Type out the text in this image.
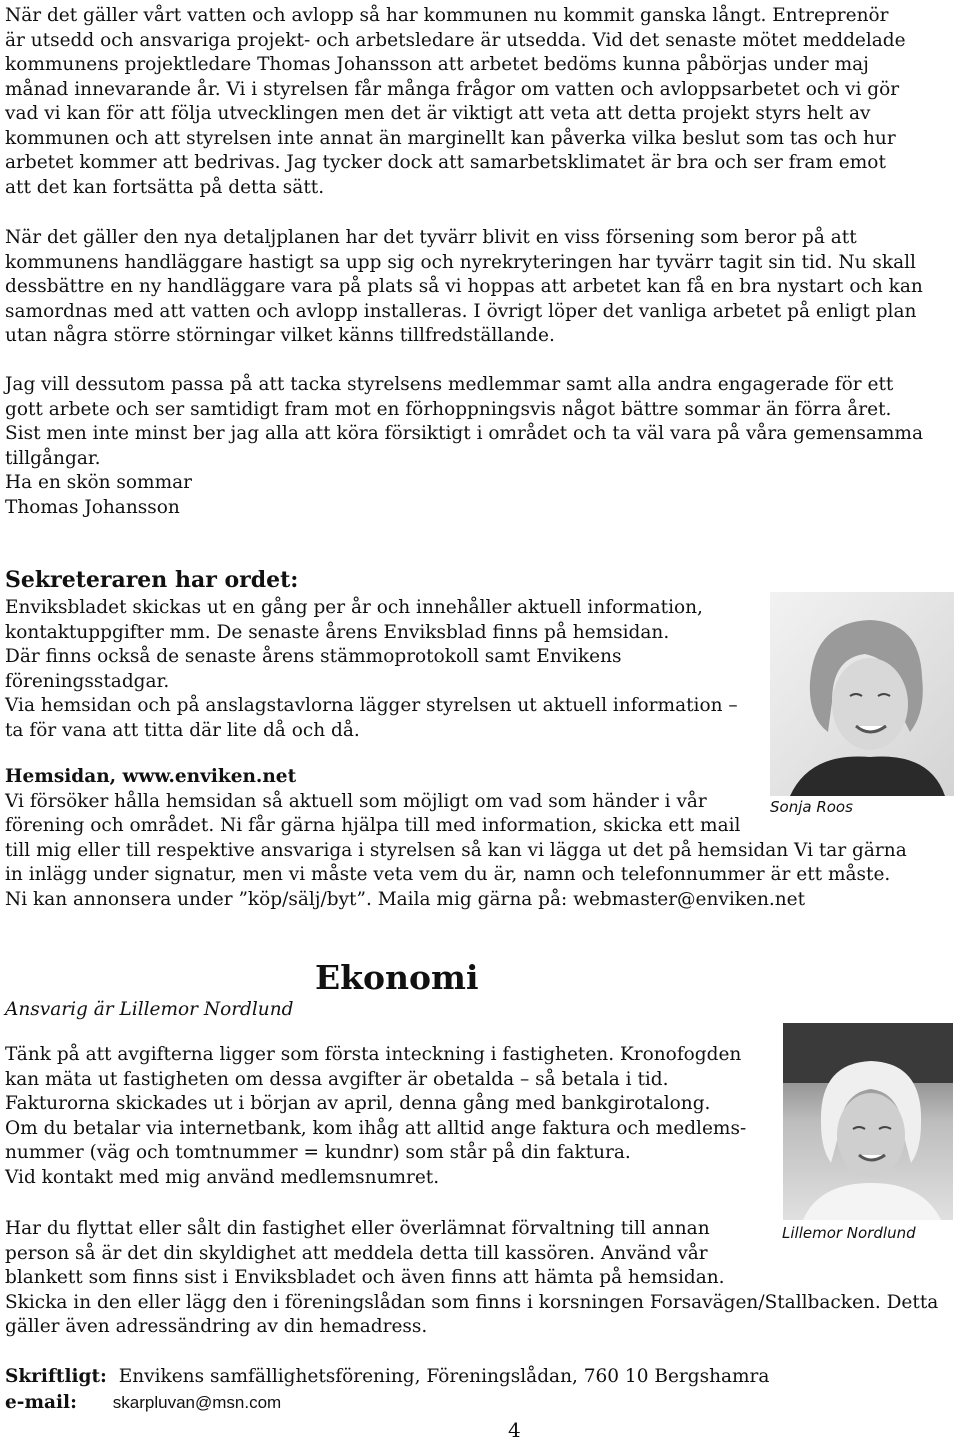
När det gäller vårt vatten och avlopp så har kommunen nu kommit ganska långt. Entreprenör
är utsedd och ansvariga projekt- och arbetsledare är utsedda. Vid det senaste mötet meddelade
kommunens projektledare Thomas Johansson att arbetet bedöms kunna påbörjas under maj
månad innevarande år. Vi i styrelsen får många frågor om vatten och avloppsarbetet och vi gör
vad vi kan för att följa utvecklingen men det är viktigt att veta att detta projekt styrs helt av
kommunen och att styrelsen inte annat än marginellt kan påverka vilka beslut som tas och hur
arbetet kommer att bedrivas. Jag tycker dock att samarbetsklimatet är bra och ser fram emot
att det kan fortsätta på detta sätt.

När det gäller den nya detaljplanen har det tyvärr blivit en viss försening som beror på att
kommunens handläggare hastigt sa upp sig och nyrekryteringen har tyvärr tagit sin tid. Nu skall
dessbättre en ny handläggare vara på plats så vi hoppas att arbetet kan få en bra nystart och kan
samordnas med att vatten och avlopp installeras. I övrigt löper det vanliga arbetet på enligt plan
utan några större störningar vilket känns tillfredställande.

Jag vill dessutom passa på att tacka styrelsens medlemmar samt alla andra engagerade för ett
gott arbete och ser samtidigt fram mot en förhoppningsvis något bättre sommar än förra året.
Sist men inte minst ber jag alla att köra försiktigt i området och ta väl vara på våra gemensamma
tillgångar.
Ha en skön sommar
Thomas Johansson

Sekreteraren har ordet:

Enviksbladet skickas ut en gång per år och innehåller aktuell information,
kontaktuppgifter mm. De senaste årens Enviksblad finns på hemsidan.
Där finns också de senaste årens stämmoprotokoll samt Envikens
föreningsstadgar.
Via hemsidan och på anslagstavlorna lägger styrelsen ut aktuell information –
ta för vana att titta där lite då och då.

Sonja Roos

Hemsidan, www.enviken.net
Vi försöker hålla hemsidan så aktuell som möjligt om vad som händer i vår
förening och området. Ni får gärna hjälpa till med information, skicka ett mail
till mig eller till respektive ansvariga i styrelsen så kan vi lägga ut det på hemsidan Vi tar gärna
in inlägg under signatur, men vi måste veta vem du är, namn och telefonnummer är ett måste.
Ni kan annonsera under ”köp/sälj/byt”. Maila mig gärna på: webmaster@enviken.net

Ekonomi
Ansvarig är Lillemor Nordlund
Lillemor Nordlund

Tänk på att avgifterna ligger som första inteckning i fastigheten. Kronofogden
kan mäta ut fastigheten om dessa avgifter är obetalda – så betala i tid.
Fakturorna skickades ut i början av april, denna gång med bankgirotalong.
Om du betalar via internetbank, kom ihåg att alltid ange faktura och medlems-
nummer (väg och tomtnummer = kundnr) som står på din faktura.
Vid kontakt med mig använd medlemsnumret.

Har du flyttat eller sålt din fastighet eller överlämnat förvaltning till annan
person så är det din skyldighet att meddela detta till kassören. Använd vår
blankett som finns sist i Enviksbladet och även finns att hämta på hemsidan.
Skicka in den eller lägg den i föreningslådan som finns i korsningen Forsavägen/Stallbacken. Detta
gäller även adressändring av din hemadress.

Skriftligt: Envikens samfällighetsförening, Föreningslådan, 760 10 Bergshamra
e-mail: skarpluvan@msn.com
4
